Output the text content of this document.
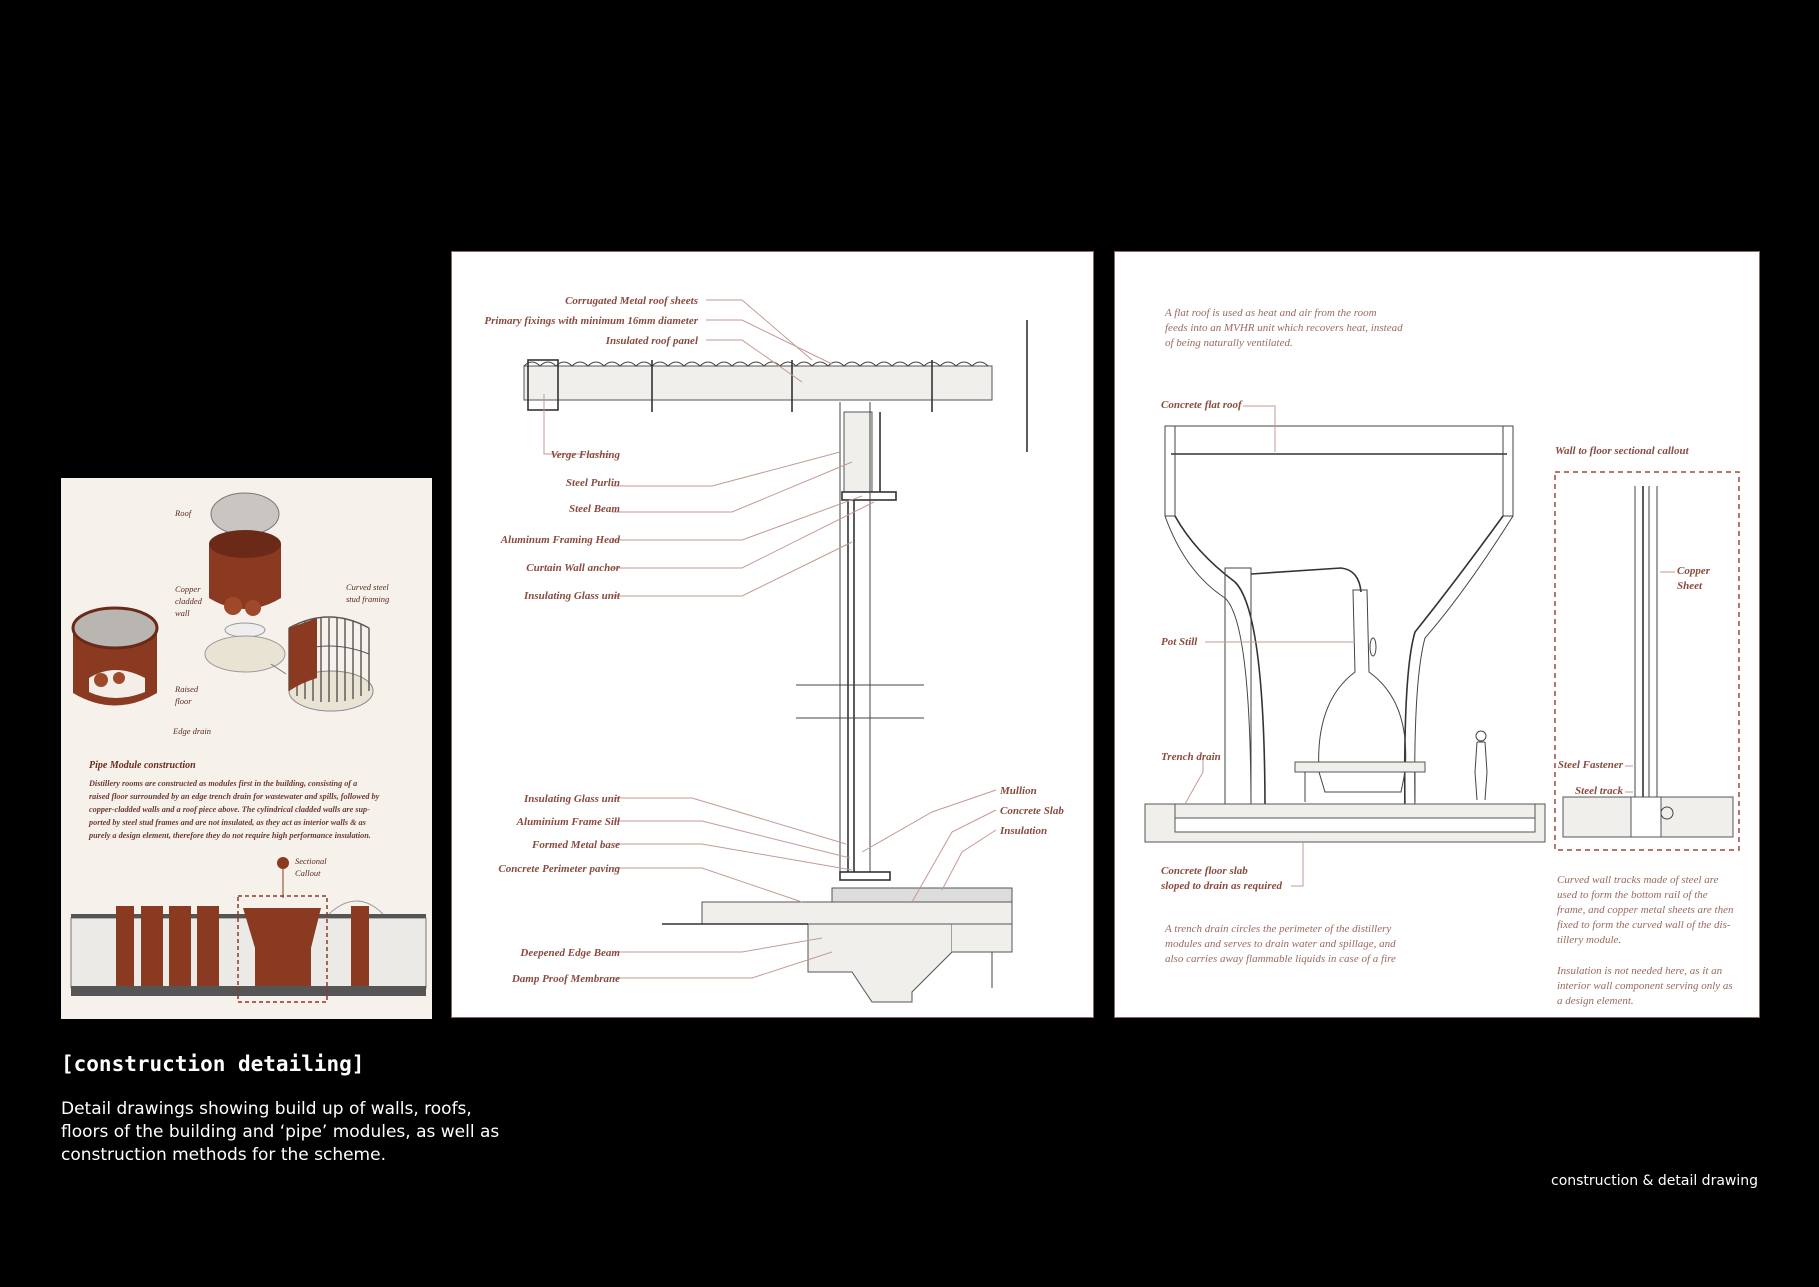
Roof
Copper
cladded
wall
Curved steel
stud framing
Raised
floor
Edge drain
Pipe Module construction
Distillery rooms are constructed as modules first in the building, consisting of a
raised floor surrounded by an edge trench drain for wastewater and spills, followed by
copper-cladded walls and a roof piece above. The cylindrical cladded walls are sup-
ported by steel stud frames and are not insulated, as they act as interior walls & as
purely a design element, therefore they do not require high performance insulation.
Sectional
Callout
Corrugated Metal roof sheets
Primary fixings with minimum 16mm diameter
Insulated roof panel
Verge Flashing
Steel Purlin
Steel Beam
Aluminum Framing Head
Curtain Wall anchor
Insulating Glass unit
Insulating Glass unit
Aluminium Frame Sill
Formed Metal base
Concrete Perimeter paving
Deepened Edge Beam
Damp Proof Membrane
Mullion
Concrete Slab
Insulation
A flat roof is used as heat and air from the room
feeds into an MVHR unit which recovers heat, instead
of being naturally ventilated.
Concrete flat roof
Pot Still
Trench drain
Concrete floor slab
sloped to drain as required
A trench drain circles the perimeter of the distillery
modules and serves to drain water and spillage, and
also carries away flammable liquids in case of a fire
Wall to floor sectional callout
Copper
Sheet
Steel Fastener
Steel track
Curved wall tracks made of steel are
used to form the bottom rail of the
frame, and copper metal sheets are then
fixed to form the curved wall of the dis-
tillery module.
Insulation is not needed here, as it an
interior wall component serving only as
a design element.
[construction detailing]

Detail drawings showing build up of walls, roofs, floors of the building and ‘pipe’ modules, as well as construction methods for the scheme.

construction & detail drawing
